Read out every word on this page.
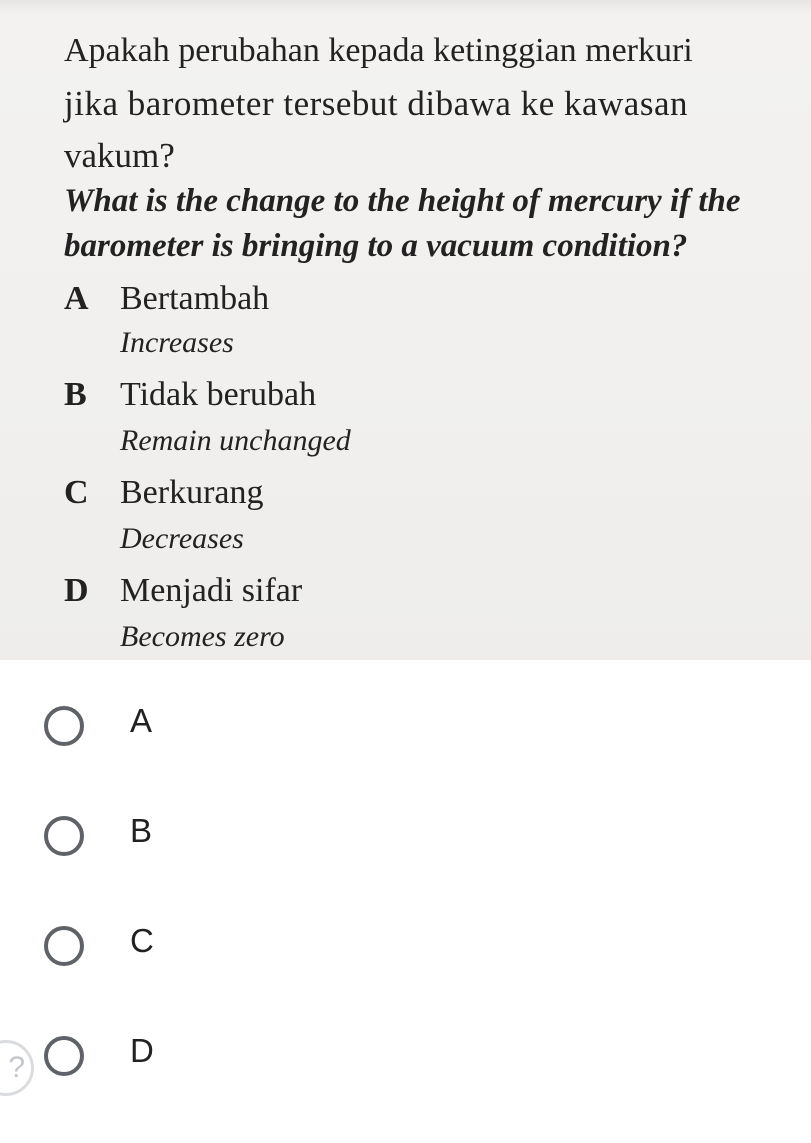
Apakah perubahan kepada ketinggian merkuri
jika barometer tersebut dibawa ke kawasan
vakum?
What is the change to the height of mercury if the
barometer is bringing to a vacuum condition?
A Bertambah
Increases
B Tidak berubah
Remain unchanged
C Berkurang
Decreases
D Menjadi sifar
Becomes zero
A
B
C
D
?
